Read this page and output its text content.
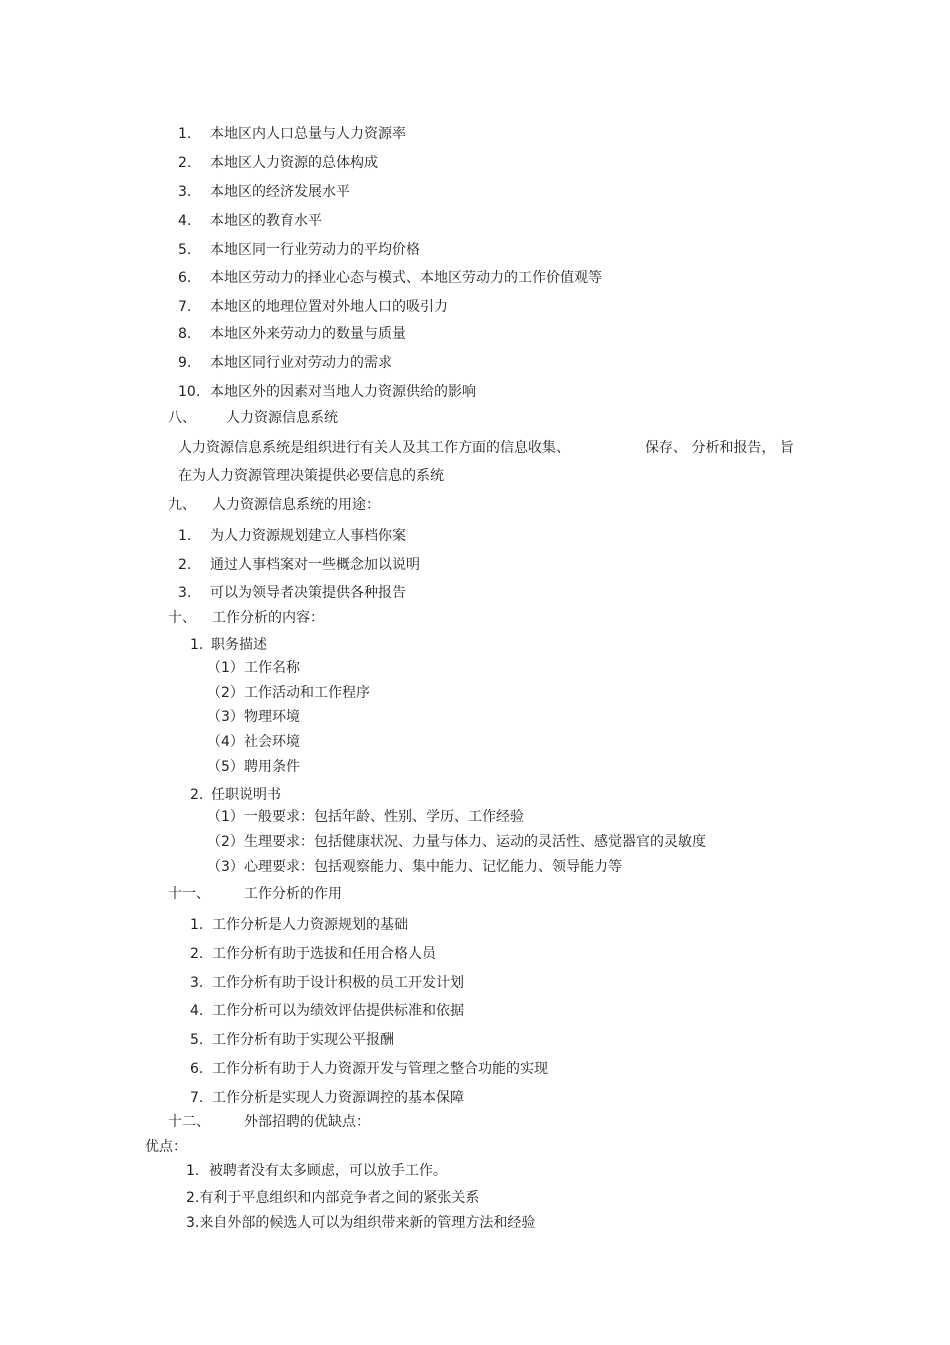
1. 本地区内人口总量与人力资源率
2. 本地区人力资源的总体构成
3. 本地区的经济发展水平
4. 本地区的教育水平
5. 本地区同一行业劳动力的平均价格
6. 本地区劳动力的择业心态与模式、本地区劳动力的工作价值观等
7. 本地区的地理位置对外地人口的吸引力
8. 本地区外来劳动力的数量与质量
9. 本地区同行业对劳动力的需求
10. 本地区外的因素对当地人力资源供给的影响
八、 人力资源信息系统
人力资源信息系统是组织进行有关人及其工作方面的信息收集、	保存、 分析和报告， 旨
在为人力资源管理决策提供必要信息的系统
九、 人力资源信息系统的用途：
1. 为人力资源规划建立人事档你案
2. 通过人事档案对一些概念加以说明
3. 可以为领导者决策提供各种报告
十、 工作分析的内容：
1. 职务描述
（1） 工作名称
（2） 工作活动和工作程序
（3） 物理环境
（4） 社会环境
（5） 聘用条件
2. 任职说明书
（1） 一般要求：包括年龄、性别、学历、工作经验
（2） 生理要求：包括健康状况、力量与体力、运动的灵活性、感觉器官的灵敏度
（3） 心理要求：包括观察能力、集中能力、记忆能力、领导能力等
十一、 工作分析的作用
1. 工作分析是人力资源规划的基础
2. 工作分析有助于选拔和任用合格人员
3. 工作分析有助于设计积极的员工开发计划
4. 工作分析可以为绩效评估提供标准和依据
5. 工作分析有助于实现公平报酬
6. 工作分析有助于人力资源开发与管理之整合功能的实现
7. 工作分析是实现人力资源调控的基本保障
十二、 外部招聘的优缺点：
优点：
1．被聘者没有太多顾虑，可以放手工作。
2.有利于平息组织和内部竞争者之间的紧张关系
3.来自外部的候选人可以为组织带来新的管理方法和经验
